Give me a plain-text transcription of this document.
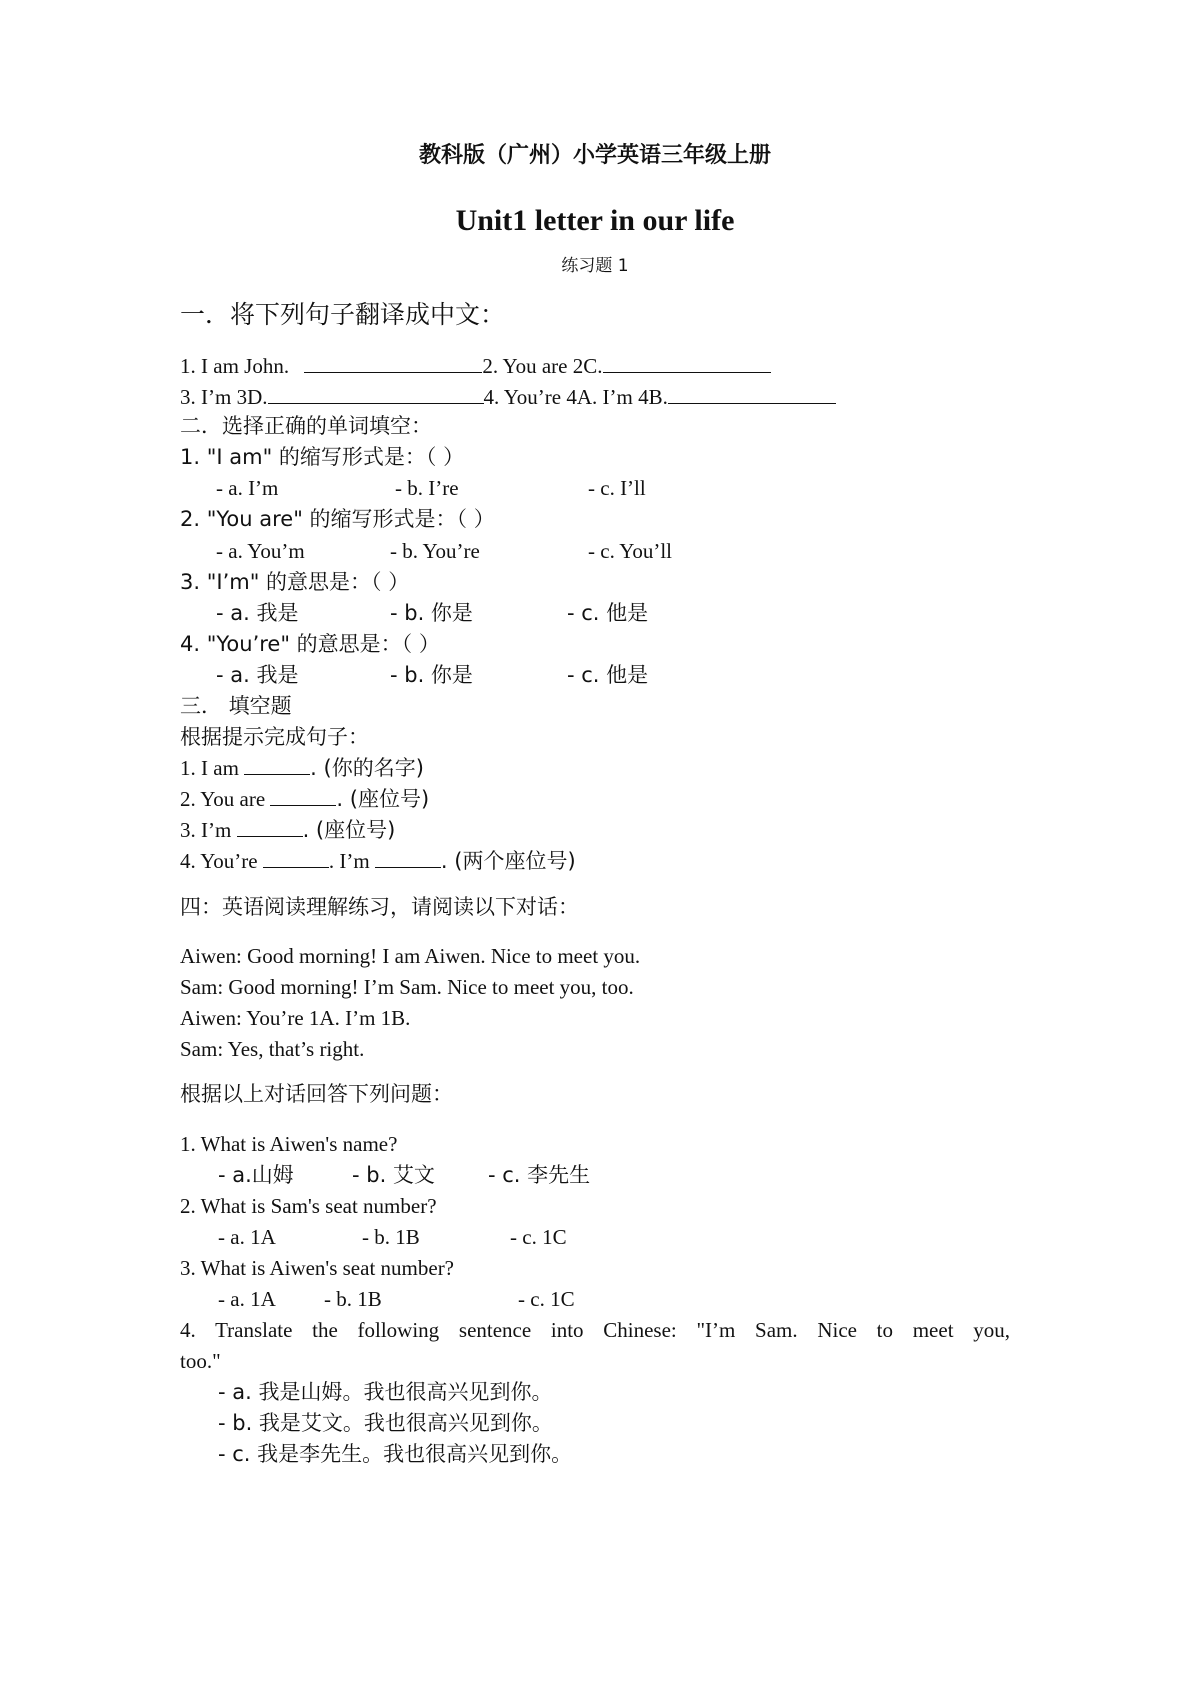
教科版（广州）小学英语三年级上册
Unit1 letter in our life
练习题 1
一．将下列句子翻译成中文：
1. I am John.	2. You are 2C.
3. I’m 3D.	4. You’re 4A. I’m 4B.
二．选择正确的单词填空：
1. "I am" 的缩写形式是：（ ）
- a. I’m	- b. I’re	- c. I’ll
2. "You are" 的缩写形式是：（ ）
- a. You’m	- b. You’re	- c. You’ll
3. "I’m" 的意思是：（ ）
- a. 我是	- b. 你是	- c. 他是
4. "You’re" 的意思是：（ ）
- a. 我是	- b. 你是	- c. 他是
三． 填空题
根据提示完成句子：
1. I am	. (你的名字)
2. You are	. (座位号)
3. I’m	. (座位号)
4. You’re	. I’m	. (两个座位号)
四：英语阅读理解练习，请阅读以下对话：
Aiwen: Good morning! I am Aiwen. Nice to meet you.
Sam: Good morning! I’m Sam. Nice to meet you, too.
Aiwen: You’re 1A. I’m 1B.
Sam: Yes, that’s right.
根据以上对话回答下列问题：
1. What is Aiwen's name?
- a.山姆	- b. 艾文	- c. 李先生
2. What is Sam's seat number?
- a. 1A	- b. 1B	- c. 1C
3. What is Aiwen's seat number?
- a. 1A - b. 1B	- c. 1C
4. Translate the following sentence into Chinese: "I’m Sam. Nice to meet you,
too."
- a. 我是山姆。我也很高兴见到你。
- b. 我是艾文。我也很高兴见到你。
- c. 我是李先生。我也很高兴见到你。
